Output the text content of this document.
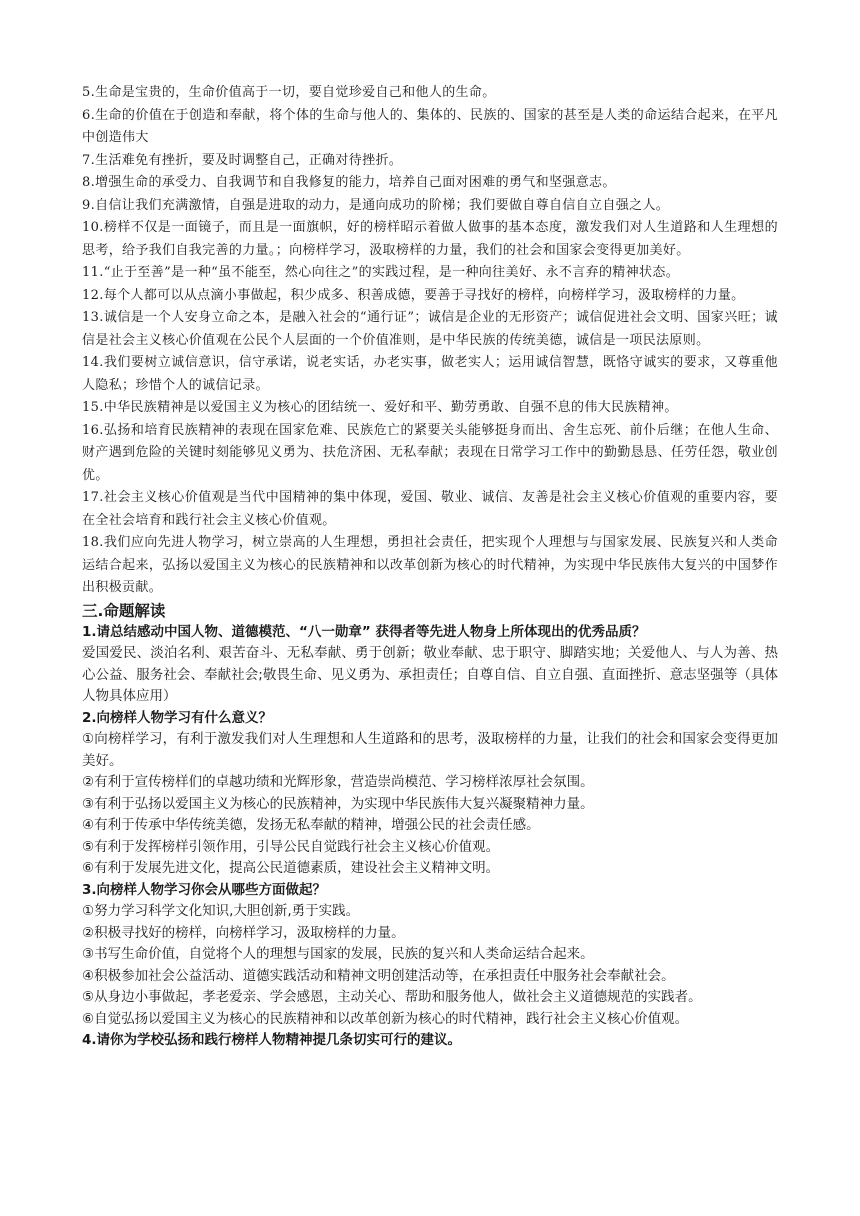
5.生命是宝贵的，生命价值高于一切，要自觉珍爱自己和他人的生命。

6.生命的价值在于创造和奉献，将个体的生命与他人的、集体的、民族的、国家的甚至是人类的命运结合起来，在平凡中创造伟大

7.生活难免有挫折，要及时调整自己，正确对待挫折。

8.增强生命的承受力、自我调节和自我修复的能力，培养自己面对困难的勇气和坚强意志。

9.自信让我们充满激情，自强是进取的动力，是通向成功的阶梯；我们要做自尊自信自立自强之人。

10.榜样不仅是一面镜子，而且是一面旗帜，好的榜样昭示着做人做事的基本态度，激发我们对人生道路和人生理想的思考，给予我们自我完善的力量。；向榜样学习，汲取榜样的力量，我们的社会和国家会变得更加美好。

11.“止于至善”是一种“虽不能至，然心向往之”的实践过程，是一种向往美好、永不言弃的精神状态。

12.每个人都可以从点滴小事做起，积少成多、积善成德，要善于寻找好的榜样，向榜样学习，汲取榜样的力量。

13.诚信是一个人安身立命之本，是融入社会的“通行证”；诚信是企业的无形资产；诚信促进社会文明、国家兴旺；诚信是社会主义核心价值观在公民个人层面的一个价值准则，是中华民族的传统美德，诚信是一项民法原则。

14.我们要树立诚信意识，信守承诺，说老实话，办老实事，做老实人；运用诚信智慧，既恪守诚实的要求，又尊重他人隐私；珍惜个人的诚信记录。

15.中华民族精神是以爱国主义为核心的团结统一、爱好和平、勤劳勇敢、自强不息的伟大民族精神。

16.弘扬和培育民族精神的表现在国家危难、民族危亡的紧要关头能够挺身而出、舍生忘死、前仆后继；在他人生命、财产遇到危险的关键时刻能够见义勇为、扶危济困、无私奉献；表现在日常学习工作中的勤勤恳恳、任劳任怨，敬业创优。

17.社会主义核心价值观是当代中国精神的集中体现，爱国、敬业、诚信、友善是社会主义核心价值观的重要内容，要在全社会培育和践行社会主义核心价值观。

18.我们应向先进人物学习，树立崇高的人生理想，勇担社会责任，把实现个人理想与与国家发展、民族复兴和人类命运结合起来，弘扬以爱国主义为核心的民族精神和以改革创新为核心的时代精神，为实现中华民族伟大复兴的中国梦作出积极贡献。

三.命题解读

1.请总结感动中国人物、道德模范、“八一勋章” 获得者等先进人物身上所体现出的优秀品质？

爱国爱民、淡泊名利、艰苦奋斗、无私奉献、勇于创新；敬业奉献、忠于职守、脚踏实地；关爱他人、与人为善、热心公益、服务社会、奉献社会;敬畏生命、见义勇为、承担责任；自尊自信、自立自强、直面挫折、意志坚强等（具体人物具体应用）

2.向榜样人物学习有什么意义？

①向榜样学习，有利于激发我们对人生理想和人生道路和的思考，汲取榜样的力量，让我们的社会和国家会变得更加美好。

②有利于宣传榜样们的卓越功绩和光辉形象，营造崇尚模范、学习榜样浓厚社会氛围。

③有利于弘扬以爱国主义为核心的民族精神，为实现中华民族伟大复兴凝聚精神力量。

④有利于传承中华传统美德，发扬无私奉献的精神，增强公民的社会责任感。

⑤有利于发挥榜样引领作用，引导公民自觉践行社会主义核心价值观。

⑥有利于发展先进文化，提高公民道德素质，建设社会主义精神文明。

3.向榜样人物学习你会从哪些方面做起？

①努力学习科学文化知识,大胆创新,勇于实践。

②积极寻找好的榜样，向榜样学习，汲取榜样的力量。

③书写生命价值，自觉将个人的理想与国家的发展，民族的复兴和人类命运结合起来。

④积极参加社会公益活动、道德实践活动和精神文明创建活动等，在承担责任中服务社会奉献社会。

⑤从身边小事做起，孝老爱亲、学会感恩，主动关心、帮助和服务他人，做社会主义道德规范的实践者。

⑥自觉弘扬以爱国主义为核心的民族精神和以改革创新为核心的时代精神，践行社会主义核心价值观。

4.请你为学校弘扬和践行榜样人物精神提几条切实可行的建议。
